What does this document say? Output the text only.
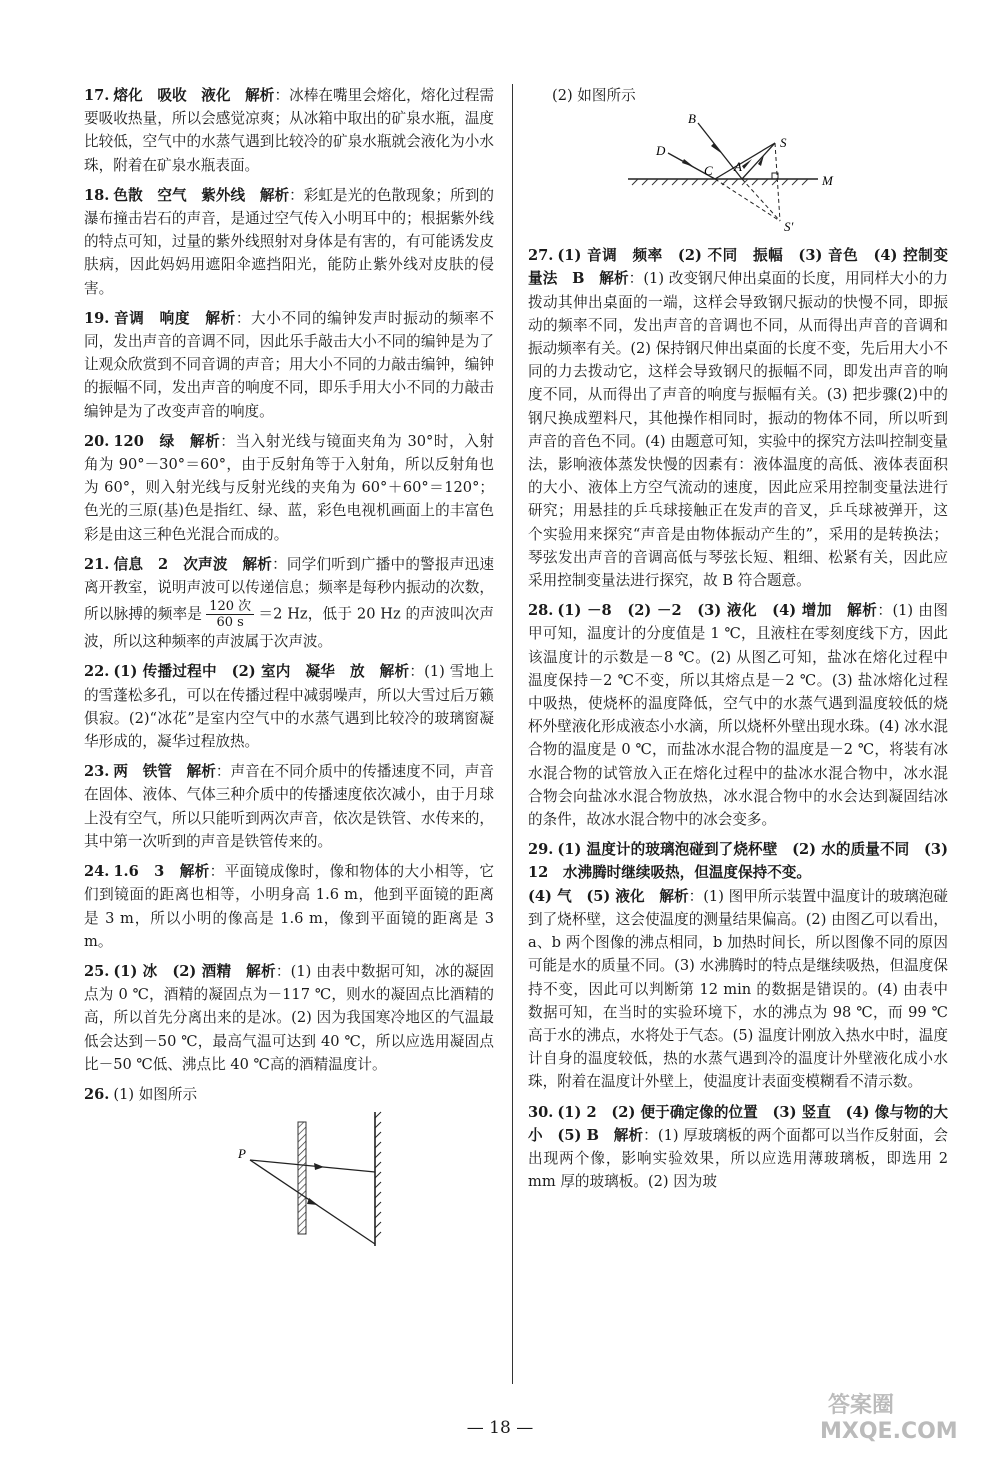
17. 熔化　吸收　液化　 解析：冰棒在嘴里会熔化，熔化过程需要吸收热量，所以会感觉凉爽；从冰箱中取出的矿泉水瓶，温度比较低，空气中的水蒸气遇到比较冷的矿泉水瓶就会液化为小水珠，附着在矿泉水瓶表面。
18. 色散　空气　紫外线　 解析：彩虹是光的色散现象；所到的瀑布撞击岩石的声音，是通过空气传入小明耳中的；根据紫外线的特点可知，过量的紫外线照射对身体是有害的，有可能诱发皮肤病，因此妈妈用遮阳伞遮挡阳光，能防止紫外线对皮肤的侵害。
19. 音调　响度　 解析：大小不同的编钟发声时振动的频率不同，发出声音的音调不同，因此乐手敲击大小不同的编钟是为了让观众欣赏到不同音调的声音；用大小不同的力敲击编钟，编钟的振幅不同，发出声音的响度不同，即乐手用大小不同的力敲击编钟是为了改变声音的响度。
20. 120　绿　 解析：当入射光线与镜面夹角为 30°时，入射角为 90°－30°＝60°，由于反射角等于入射角，所以反射角也为 60°，则入射光线与反射光线的夹角为 60°＋60°＝120°；色光的三原(基)色是指红、绿、蓝，彩色电视机画面上的丰富色彩是由这三种色光混合而成的。
21. 信息　2　次声波　 解析：同学们听到广播中的警报声迅速离开教室，说明声波可以传递信息；频率是每秒内振动的次数，所以脉搏的频率是 $\frac{\text{120 次}}{60 s} =2$ Hz，低于 20 Hz 的声波叫次声波，所以这种频率的声波属于次声波。
22. (1) 传播过程中　(2) 室内　凝华　放　 解析：(1) 雪地上的雪蓬松多孔，可以在传播过程中减弱噪声，所以大雪过后万籁俱寂。(2)“冰花”是室内空气中的水蒸气遇到比较冷的玻璃窗凝华形成的，凝华过程放热。
23. 两　铁管　 解析：声音在不同介质中的传播速度不同，声音在固体、液体、气体三种介质中的传播速度依次减小，由于月球上没有空气，所以只能听到两次声音，依次是铁管、水传来的，其中第一次听到的声音是铁管传来的。
24. 1.6　3　 解析：平面镜成像时，像和物体的大小相等，它们到镜面的距离也相等，小明身高 1.6 m，他到平面镜的距离是 3 m，所以小明的像高是 1.6 m，像到平面镜的距离是 3 m。
25. (1) 冰　(2) 酒精　 解析：(1) 由表中数据可知，冰的凝固点为 0 ℃，酒精的凝固点为－117 ℃，则水的凝固点比酒精的高，所以首先分离出来的是冰。(2) 因为我国寒冷地区的气温最低会达到－50 ℃，最高气温可达到 40 ℃，所以应选用凝固点比－50 ℃低、沸点比 40 ℃高的酒精温度计。
26. (1) 如图所示
P
(2) 如图所示
B
D
C A
S
M
S′
27. (1) 音调　频率　(2) 不同　振幅　(3) 音色　(4) 控制变量法　B　 解析：(1) 改变钢尺伸出桌面的长度，用同样大小的力拨动其伸出桌面的一端，这样会导致钢尺振动的快慢不同，即振动的频率不同，发出声音的音调也不同，从而得出声音的音调和振动频率有关。(2) 保持钢尺伸出桌面的长度不变，先后用大小不同的力去拨动它，这样会导致钢尺的振幅不同，即发出声音的响度不同，从而得出了声音的响度与振幅有关。(3) 把步骤(2)中的钢尺换成塑料尺，其他操作相同时，振动的物体不同，所以听到声音的音色不同。(4) 由题意可知，实验中的探究方法叫控制变量法，影响液体蒸发快慢的因素有：液体温度的高低、液体表面积的大小、液体上方空气流动的速度，因此应采用控制变量法进行研究；用悬挂的乒乓球接触正在发声的音叉，乒乓球被弹开，这个实验用来探究“声音是由物体振动产生的”，采用的是转换法；琴弦发出声音的音调高低与琴弦长短、粗细、松紧有关，因此应采用控制变量法进行探究，故 B 符合题意。
28. (1) －8　(2) －2　(3) 液化　(4) 增加　 解析：(1) 由图甲可知，温度计的分度值是 1 ℃，且液柱在零刻度线下方，因此该温度计的示数是－8 ℃。(2) 从图乙可知，盐冰在熔化过程中温度保持－2 ℃不变，所以其熔点是－2 ℃。(3) 盐冰熔化过程中吸热，使烧杯的温度降低，空气中的水蒸气遇到温度较低的烧杯外壁液化形成液态小水滴，所以烧杯外壁出现水珠。(4) 冰水混合物的温度是 0 ℃，而盐冰水混合物的温度是－2 ℃，将装有冰水混合物的试管放入正在熔化过程中的盐冰水混合物中，冰水混合物会向盐冰水混合物放热，冰水混合物中的水会达到凝固结冰的条件，故冰水混合物中的冰会变多。
29. (1) 温度计的玻璃泡碰到了烧杯壁　(2) 水的质量不同　(3) 12　水沸腾时继续吸热，但温度保持不变。
(4) 气　(5) 液化　 解析：(1) 图甲所示装置中温度计的玻璃泡碰到了烧杯壁，这会使温度的测量结果偏高。(2) 由图乙可以看出，a、b 两个图像的沸点相同，b 加热时间长，所以图像不同的原因可能是水的质量不同。(3) 水沸腾时的特点是继续吸热，但温度保持不变，因此可以判断第 12 min 的数据是错误的。(4) 由表中数据可知，在当时的实验环境下，水的沸点为 98 ℃，而 99 ℃高于水的沸点，水将处于气态。(5) 温度计刚放入热水中时，温度计自身的温度较低，热的水蒸气遇到冷的温度计外壁液化成小水珠，附着在温度计外壁上，使温度计表面变模糊看不清示数。
30. (1) 2　(2) 便于确定像的位置　(3) 竖直　(4) 像与物的大小　(5) B　 解析：(1) 厚玻璃板的两个面都可以当作反射面，会出现两个像，影响实验效果，所以应选用薄玻璃板，即选用 2 mm 厚的玻璃板。(2) 因为玻
— 18 —
答案圈
MXQE.COM
